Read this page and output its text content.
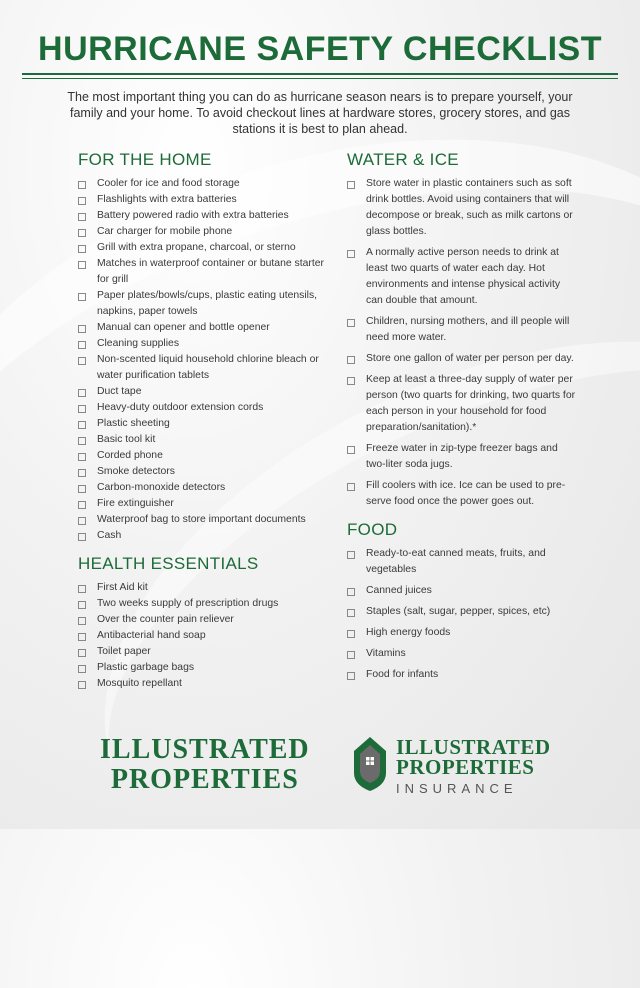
HURRICANE SAFETY CHECKLIST
The most important thing you can do as hurricane season nears is to prepare yourself, your family and your home. To avoid checkout lines at hardware stores, grocery stores, and gas stations it is best to plan ahead.
FOR THE HOME
Cooler for ice and food storage
Flashlights with extra batteries
Battery powered radio with extra batteries
Car charger for mobile phone
Grill with extra propane, charcoal, or sterno
Matches in waterproof container or butane starter for grill
Paper plates/bowls/cups, plastic eating utensils, napkins, paper towels
Manual can opener and bottle opener
Cleaning supplies
Non-scented liquid household chlorine bleach or water purification tablets
Duct tape
Heavy-duty outdoor extension cords
Plastic sheeting
Basic tool kit
Corded phone
Smoke detectors
Carbon-monoxide detectors
Fire extinguisher
Waterproof bag to store important documents
Cash
HEALTH ESSENTIALS
First Aid kit
Two weeks supply of prescription drugs
Over the counter pain reliever
Antibacterial hand soap
Toilet paper
Plastic garbage bags
Mosquito repellant
WATER & ICE
Store water in plastic containers such as soft drink bottles. Avoid using containers that will decompose or break, such as milk cartons or glass bottles.
A normally active person needs to drink at least two quarts of water each day. Hot environments and intense physical activity can double that amount.
Children, nursing mothers, and ill people will need more water.
Store one gallon of water per person per day.
Keep at least a three-day supply of water per person (two quarts for drinking, two quarts for each person in your household for food preparation/sanitation).*
Freeze water in zip-type freezer bags and two-liter soda jugs.
Fill coolers with ice. Ice can be used to pre-serve food once the power goes out.
FOOD
Ready-to-eat canned meats, fruits, and vegetables
Canned juices
Staples (salt, sugar, pepper, spices, etc)
High energy foods
Vitamins
Food for infants
ILLUSTRATED
PROPERTIES
ILLUSTRATED
PROPERTIES
INSURANCE
